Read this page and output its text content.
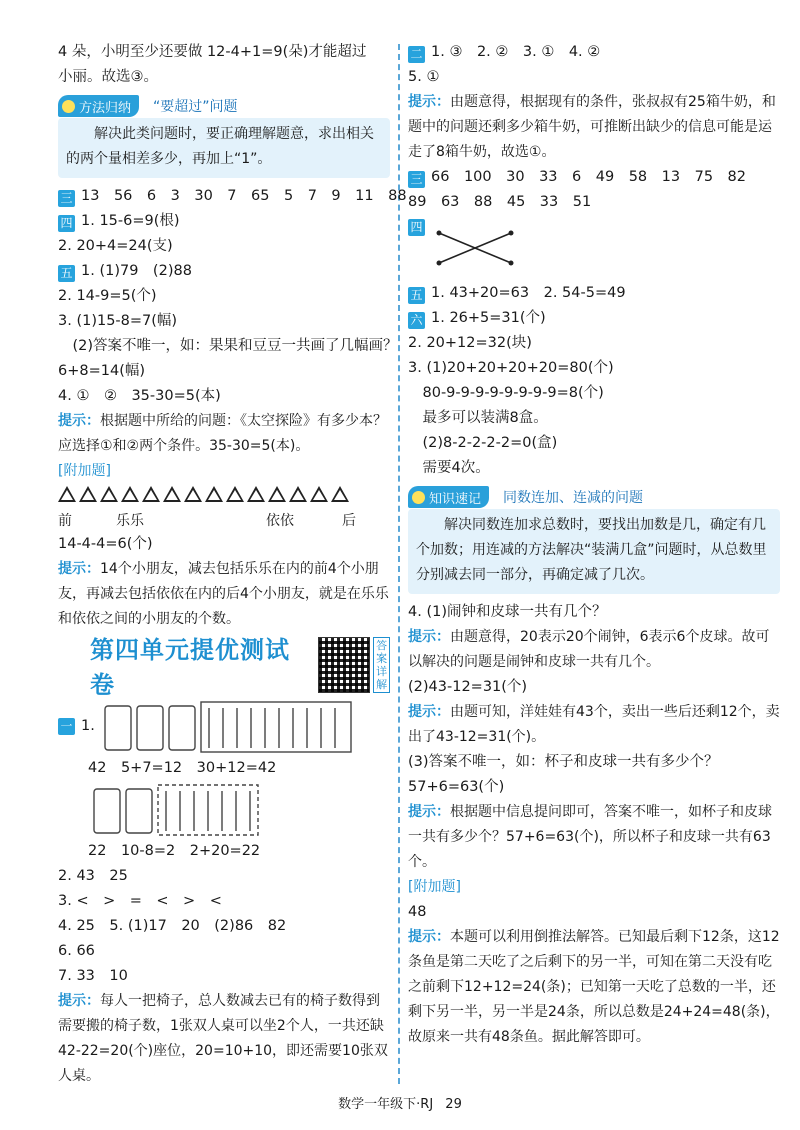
4 朵，小明至少还要做 12-4+1=9(朵)才能超过
小丽。故选③。
方法归纳 “要超过”问题
解决此类问题时，要正确理解题意，求出相关的两个量相差多少，再加上“1”。
三 13　56　6　3　30　7　65　5　7　9　11　88
四 1. 15-6=9(根)
2. 20+4=24(支)
五 1. (1)79　(2)88
2. 14-9=5(个)
3. (1)15-8=7(幅)
　(2)答案不唯一，如：果果和豆豆一共画了几幅画？
6+8=14(幅)
4. ①　②　35-30=5(本)
提示：根据题中所给的问题：《太空探险》有多少本？应选择①和②两个条件。35-30=5(本)。
[附加题]
前	乐乐	依依	后
14-4-4=6(个)
提示：14个小朋友，减去包括乐乐在内的前4个小朋友，再减去包括依依在内的后4个小朋友，就是在乐乐和依依之间的小朋友的个数。
第四单元提优测试卷
答案详解
一 1.
42　5+7=12　30+12=42
22　10-8=2　2+20=22
2. 43　25
3. <　>　=　<　>　<
4. 25　5. (1)17　20　(2)86　82
6. 66
7. 33　10
提示：每人一把椅子，总人数减去已有的椅子数得到需要搬的椅子数，1张双人桌可以坐2个人，一共还缺42-22=20(个)座位，20=10+10，即还需要10张双人桌。
二 1. ③　2. ②　3. ①　4. ②
5. ①
提示：由题意得，根据现有的条件，张叔叔有25箱牛奶，和题中的问题还剩多少箱牛奶，可推断出缺少的信息可能是运走了8箱牛奶，故选①。
三 66　100　30　33　6　49　58　13　75　82
89　63　88　45　33　51
四
五 1. 43+20=63　2. 54-5=49
六 1. 26+5=31(个)
2. 20+12=32(块)
3. (1)20+20+20+20=80(个)
　80-9-9-9-9-9-9-9-9=8(个)
　最多可以装满8盒。
　(2)8-2-2-2-2=0(盒)
　需要4次。
知识速记 同数连加、连减的问题
解决同数连加求总数时，要找出加数是几，确定有几个加数；用连减的方法解决“装满几盒”问题时，从总数里分别减去同一部分，再确定减了几次。
4. (1)闹钟和皮球一共有几个？
提示：由题意得，20表示20个闹钟，6表示6个皮球。故可以解决的问题是闹钟和皮球一共有几个。
(2)43-12=31(个)
提示：由题可知，洋娃娃有43个，卖出一些后还剩12个，卖出了43-12=31(个)。
(3)答案不唯一，如：杯子和皮球一共有多少个？
57+6=63(个)
提示：根据题中信息提问即可，答案不唯一，如杯子和皮球一共有多少个？57+6=63(个)，所以杯子和皮球一共有63个。
[附加题]
48
提示：本题可以利用倒推法解答。已知最后剩下12条，这12条鱼是第二天吃了之后剩下的另一半，可知在第二天没有吃之前剩下12+12=24(条)；已知第一天吃了总数的一半，还剩下另一半，另一半是24条，所以总数是24+24=48(条)，故原来一共有48条鱼。据此解答即可。
数学一年级下·RJ 29
